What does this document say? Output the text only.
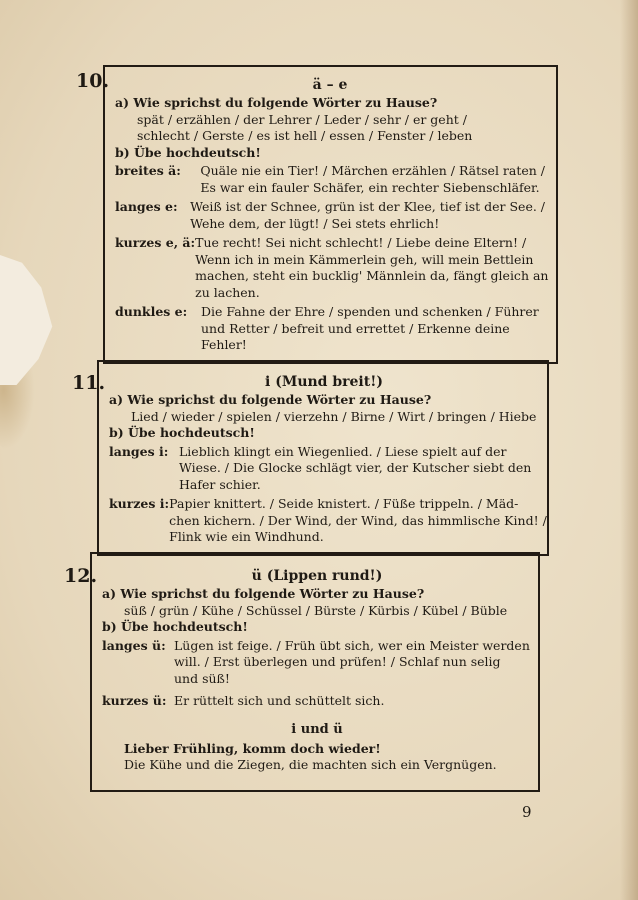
10.	ä – e

a) Wie sprichst du folgende Wörter zu Hause?

spät / erzählen / der Lehrer / Leder / sehr / er geht /

schlecht / Gerste / es ist hell / essen / Fenster / leben

b) Übe hochdeutsch!

breites ä:	Quäle nie ein Tier! / Märchen erzählen / Rätsel raten /

Es war ein fauler Schäfer, ein rechter Siebenschläfer.

langes e:	Weiß ist der Schnee, grün ist der Klee, tief ist der See. /

Wehe dem, der lügt! / Sei stets ehrlich!

kurzes e, ä: Tue recht! Sei nicht schlecht! / Liebe deine Eltern! /

Wenn ich in mein Kämmerlein geh, will mein Bettlein

machen, steht ein bucklig' Männlein da, fängt gleich an

zu lachen.

dunkles e:	Die Fahne der Ehre / spenden und schenken / Führer

und Retter / befreit und errettet / Erkenne deine

Fehler!

11.	i (Mund breit!)

a) Wie sprichst du folgende Wörter zu Hause?

Lied / wieder / spielen / vierzehn / Birne / Wirt / bringen / Hiebe

b) Übe hochdeutsch!

langes i: Lieblich klingt ein Wiegenlied. / Liese spielt auf der

Wiese. / Die Glocke schlägt vier, der Kutscher siebt den

Hafer schier.

kurzes i: Papier knittert. / Seide knistert. / Füße trippeln. / Mäd-

chen kichern. / Der Wind, der Wind, das himmlische Kind! /

Flink wie ein Windhund.

12.	ü (Lippen rund!)

a) Wie sprichst du folgende Wörter zu Hause?

süß / grün / Kühe / Schüssel / Bürste / Kürbis / Kübel / Büble

b) Übe hochdeutsch!

langes ü: Lügen ist feige. / Früh übt sich, wer ein Meister werden

will. / Erst überlegen und prüfen! / Schlaf nun selig

und süß!

kurzes ü: Er rüttelt sich und schüttelt sich.

i und ü

Lieber Frühling, komm doch wieder!

Die Kühe und die Ziegen, die machten sich ein Vergnügen.

9
